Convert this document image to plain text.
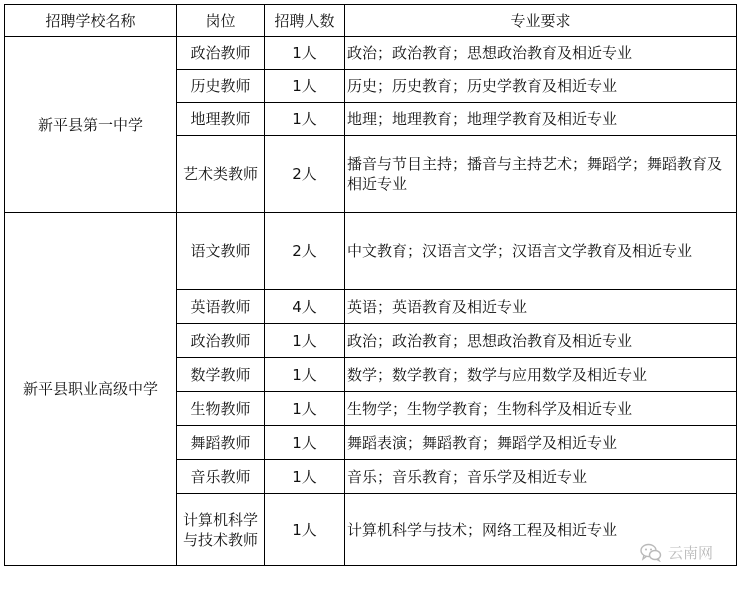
招聘学校名称	岗位	招聘人数	专业要求
新平县第一中学	政治教师	1人	政治；政治教育；思想政治教育及相近专业
	历史教师	1人	历史；历史教育；历史学教育及相近专业
	地理教师	1人	地理；地理教育；地理学教育及相近专业
	艺术类教师	2人	播音与节目主持；播音与主持艺术；舞蹈学；舞蹈教育及相近专业
新平县职业高级中学	语文教师	2人	中文教育；汉语言文学；汉语言文学教育及相近专业
	英语教师	4人	英语；英语教育及相近专业
	政治教师	1人	政治；政治教育；思想政治教育及相近专业
	数学教师	1人	数学；数学教育；数学与应用数学及相近专业
	生物教师	1人	生物学；生物学教育；生物科学及相近专业
	舞蹈教师	1人	舞蹈表演；舞蹈教育；舞蹈学及相近专业
	音乐教师	1人	音乐；音乐教育；音乐学及相近专业
	计算机科学与技术教师	1人	计算机科学与技术；网络工程及相近专业
云南网
